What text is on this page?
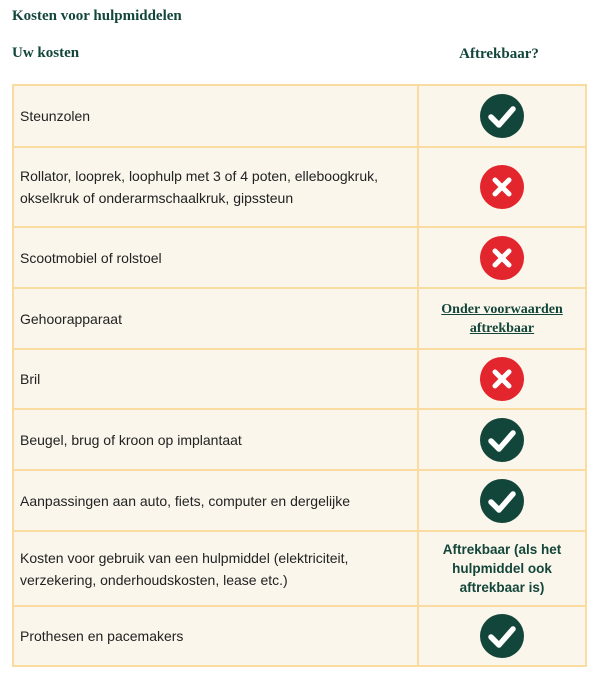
Kosten voor hulpmiddelen
Uw kosten	Aftrekbaar?
Steunzolen	
Rollator, looprek, loophulp met 3 of 4 poten, elleboogkruk, okselkruk of onderarmschaalkruk, gipssteun	
Scootmobiel of rolstoel	
Gehoorapparaat	Onder voorwaarden aftrekbaar

Bril	
Beugel, brug of kroon op implantaat	
Aanpassingen aan auto, fiets, computer en dergelijke	
Kosten voor gebruik van een hulpmiddel (elektriciteit, verzekering, onderhoudskosten, lease etc.)	Aftrekbaar (als het hulpmiddel ook aftrekbaar is)

Prothesen en pacemakers	
